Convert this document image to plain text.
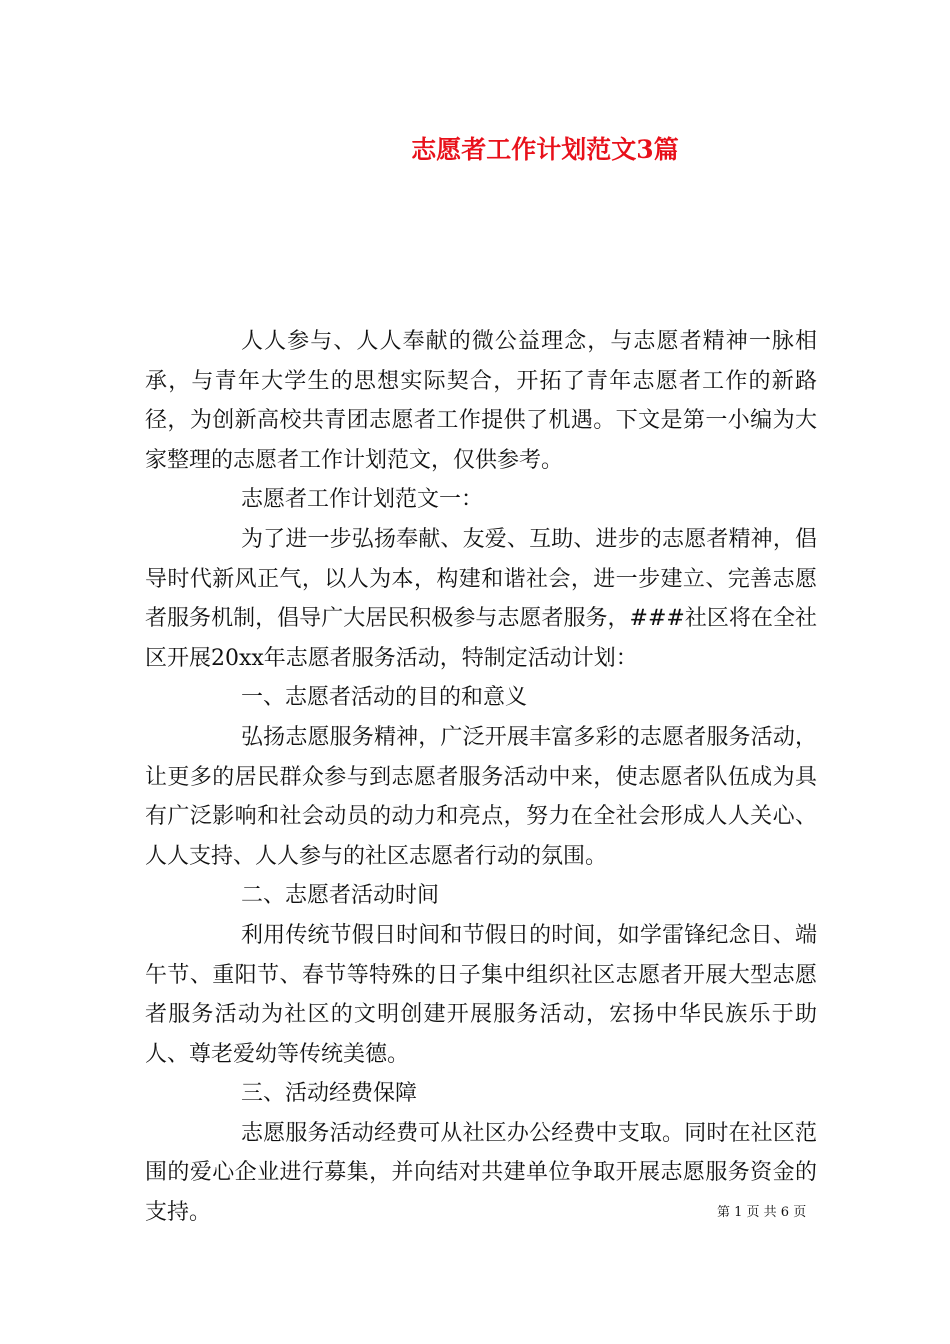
志愿者工作计划范文3篇

人人参与、人人奉献的微公益理念，与志愿者精神一脉相承，与青年大学生的思想实际契合，开拓了青年志愿者工作的新路径，为创新高校共青团志愿者工作提供了机遇。下文是第一小编为大家整理的志愿者工作计划范文，仅供参考。

志愿者工作计划范文一：

为了进一步弘扬奉献、友爱、互助、进步的志愿者精神，倡导时代新风正气，以人为本，构建和谐社会，进一步建立、完善志愿者服务机制，倡导广大居民积极参与志愿者服务，###社区将在全社区开展20xx年志愿者服务活动，特制定活动计划：

一、志愿者活动的目的和意义

弘扬志愿服务精神，广泛开展丰富多彩的志愿者服务活动，让更多的居民群众参与到志愿者服务活动中来，使志愿者队伍成为具有广泛影响和社会动员的动力和亮点，努力在全社会形成人人关心、人人支持、人人参与的社区志愿者行动的氛围。

二、志愿者活动时间

利用传统节假日时间和节假日的时间，如学雷锋纪念日、端午节、重阳节、春节等特殊的日子集中组织社区志愿者开展大型志愿者服务活动为社区的文明创建开展服务活动，宏扬中华民族乐于助人、尊老爱幼等传统美德。

三、活动经费保障

志愿服务活动经费可从社区办公经费中支取。同时在社区范围的爱心企业进行募集，并向结对共建单位争取开展志愿服务资金的支持。	第 1 页 共 6 页
